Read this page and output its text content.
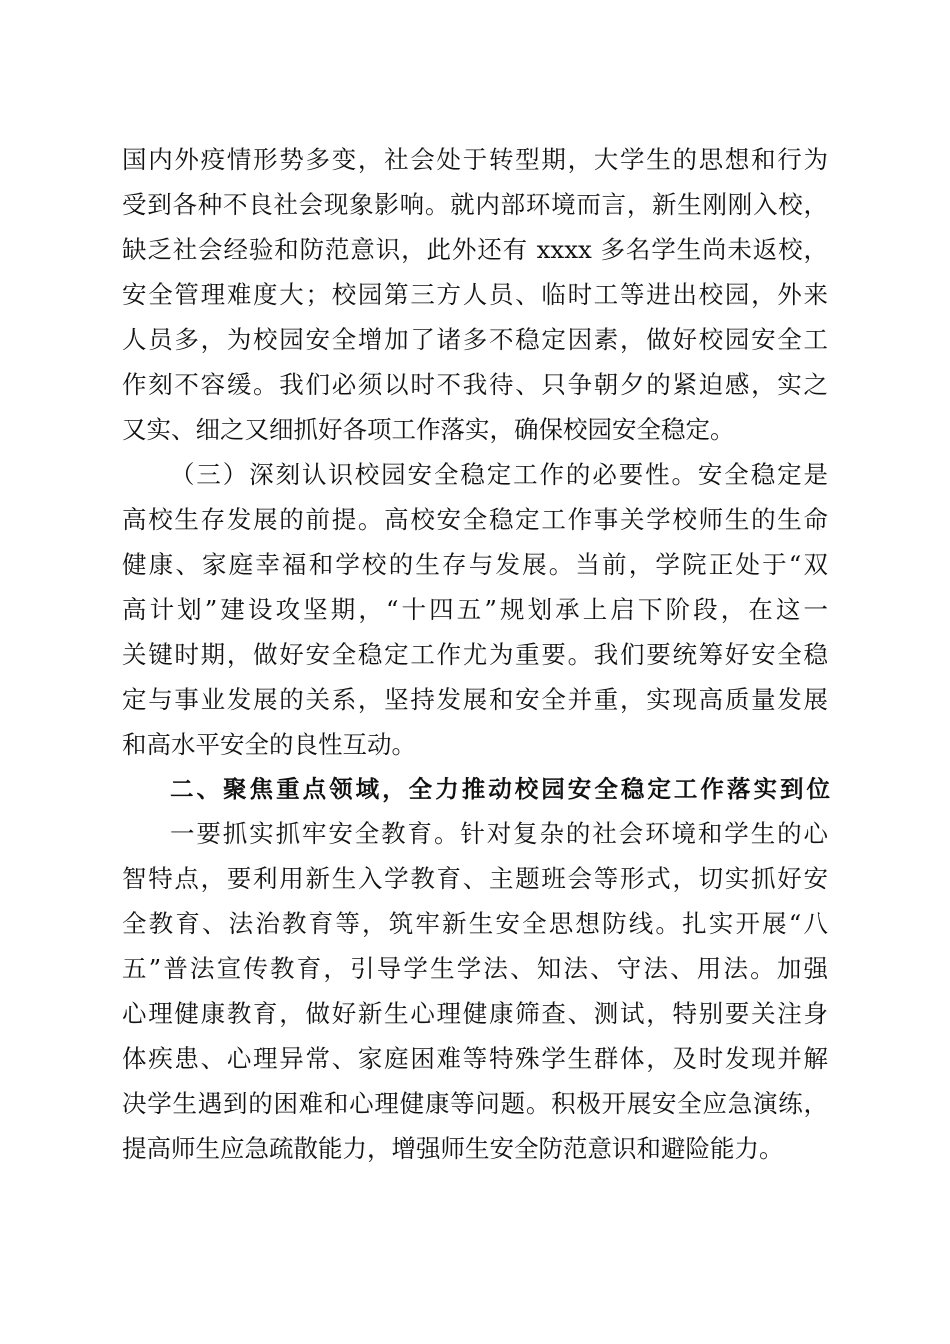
国内外疫情形势多变，社会处于转型期，大学生的思想和行为
受到各种不良社会现象影响。就内部环境而言，新生刚刚入校，
缺乏社会经验和防范意识，此外还有 xxxx 多名学生尚未返校，
安全管理难度大；校园第三方人员、临时工等进出校园，外来
人员多，为校园安全增加了诸多不稳定因素，做好校园安全工
作刻不容缓。我们必须以时不我待、只争朝夕的紧迫感，实之
又实、细之又细抓好各项工作落实，确保校园安全稳定。
（三）深刻认识校园安全稳定工作的必要性。安全稳定是
高校生存发展的前提。高校安全稳定工作事关学校师生的生命
健康、家庭幸福和学校的生存与发展。当前，学院正处于“双
高计划”建设攻坚期，“十四五”规划承上启下阶段，在这一
关键时期，做好安全稳定工作尤为重要。我们要统筹好安全稳
定与事业发展的关系，坚持发展和安全并重，实现高质量发展
和高水平安全的良性互动。
二、聚焦重点领域，全力推动校园安全稳定工作落实到位
一要抓实抓牢安全教育。针对复杂的社会环境和学生的心
智特点，要利用新生入学教育、主题班会等形式，切实抓好安
全教育、法治教育等，筑牢新生安全思想防线。扎实开展“八
五”普法宣传教育，引导学生学法、知法、守法、用法。加强
心理健康教育，做好新生心理健康筛查、测试，特别要关注身
体疾患、心理异常、家庭困难等特殊学生群体，及时发现并解
决学生遇到的困难和心理健康等问题。积极开展安全应急演练，
提高师生应急疏散能力，增强师生安全防范意识和避险能力。
